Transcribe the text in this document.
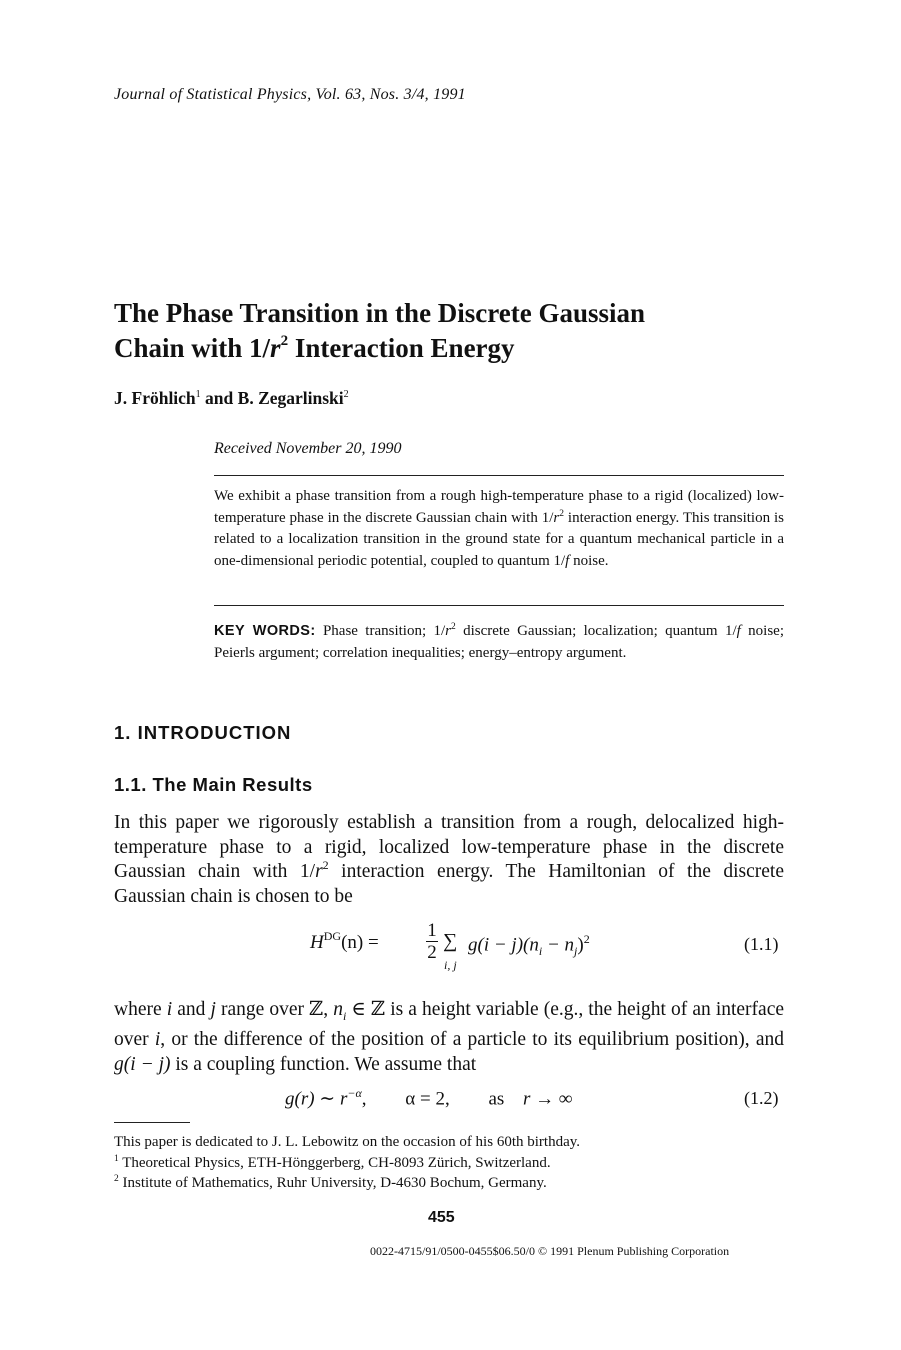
Journal of Statistical Physics, Vol. 63, Nos. 3/4, 1991
The Phase Transition in the Discrete Gaussian
Chain with $1/r^2$ Interaction Energy
J. Fröhlich$^1$ and B. Zegarlinski$^2$
Received November 20, 1990
We exhibit a phase transition from a rough high-temperature phase to a rigid (localized) low-temperature phase in the discrete Gaussian chain with $1/r^2$ interaction energy. This transition is related to a localization transition in the ground state for a quantum mechanical particle in a one-dimensional periodic potential, coupled to quantum 1/f noise.
KEY WORDS: Phase transition; $1/r^2$ discrete Gaussian; localization; quantum 1/f noise; Peierls argument; correlation inequalities; energy–entropy argument.
1. INTRODUCTION
1.1. The Main Results
In this paper we rigorously establish a transition from a rough, delocalized high-temperature phase to a rigid, localized low-temperature phase in the discrete Gaussian chain with $1/r^2$ interaction energy. The Hamiltonian of the discrete Gaussian chain is chosen to be
$H^{DG}(n)$ =
1
2
∑
i, j
$g(i - j)(n_i - n_j)^2$	(1.1)
where i and j range over ℤ, $n_i$ ∈ ℤ is a height variable (e.g., the height of an interface over i, or the difference of the position of a particle to its equilibrium position), and g(i − j) is a coupling function. We assume that
g(r) ∼ $r^{-\alpha}$, α = 2, as r → ∞	(1.2)
This paper is dedicated to J. L. Lebowitz on the occasion of his 60th birthday.
$^1$ Theoretical Physics, ETH-Hönggerberg, CH-8093 Zürich, Switzerland.
$^2$ Institute of Mathematics, Ruhr University, D-4630 Bochum, Germany.
455
0022-4715/91/0500-0455$06.50/0 © 1991 Plenum Publishing Corporation
